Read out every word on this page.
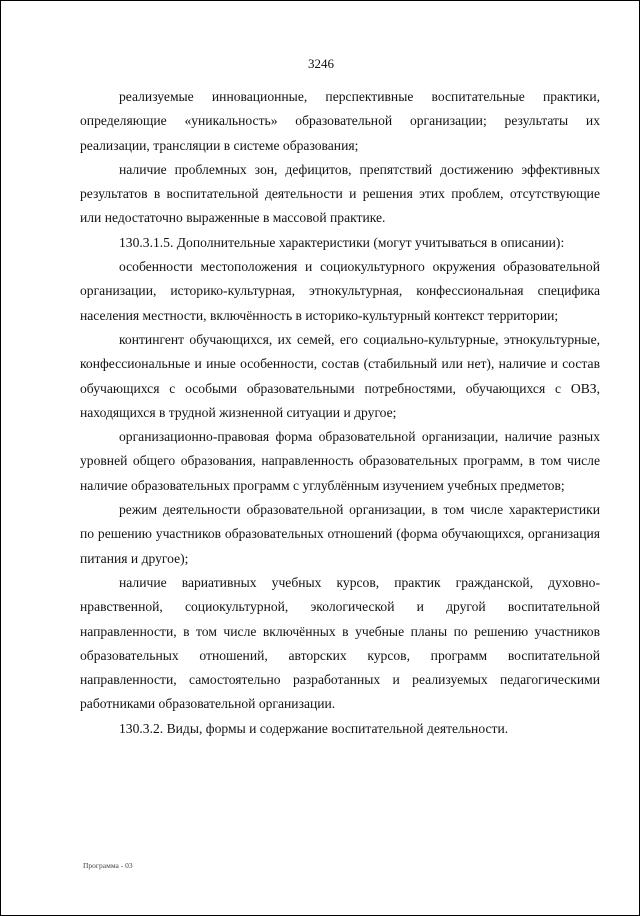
3246

реализуемые инновационные, перспективные воспитательные практики, определяющие «уникальность» образовательной организации; результаты их реализации, трансляции в системе образования;

наличие проблемных зон, дефицитов, препятствий достижению эффективных результатов в воспитательной деятельности и решения этих проблем, отсутствующие или недостаточно выраженные в массовой практике.

130.3.1.5. Дополнительные характеристики (могут учитываться в описании):

особенности местоположения и социокультурного окружения образовательной организации, историко-культурная, этнокультурная, конфессиональная специфика населения местности, включённость в историко-культурный контекст территории;

контингент обучающихся, их семей, его социально-культурные, этнокультурные, конфессиональные и иные особенности, состав (стабильный или нет), наличие и состав обучающихся с особыми образовательными потребностями, обучающихся с ОВЗ, находящихся в трудной жизненной ситуации и другое;

организационно-правовая форма образовательной организации, наличие разных уровней общего образования, направленность образовательных программ, в том числе наличие образовательных программ с углублённым изучением учебных предметов;

режим деятельности образовательной организации, в том числе характеристики по решению участников образовательных отношений (форма обучающихся, организация питания и другое);

наличие вариативных учебных курсов, практик гражданской, духовно-нравственной, социокультурной, экологической и другой воспитательной направленности, в том числе включённых в учебные планы по решению участников образовательных отношений, авторских курсов, программ воспитательной направленности, самостоятельно разработанных и реализуемых педагогическими работниками образовательной организации.

130.3.2. Виды, формы и содержание воспитательной деятельности.

Программа - 03
